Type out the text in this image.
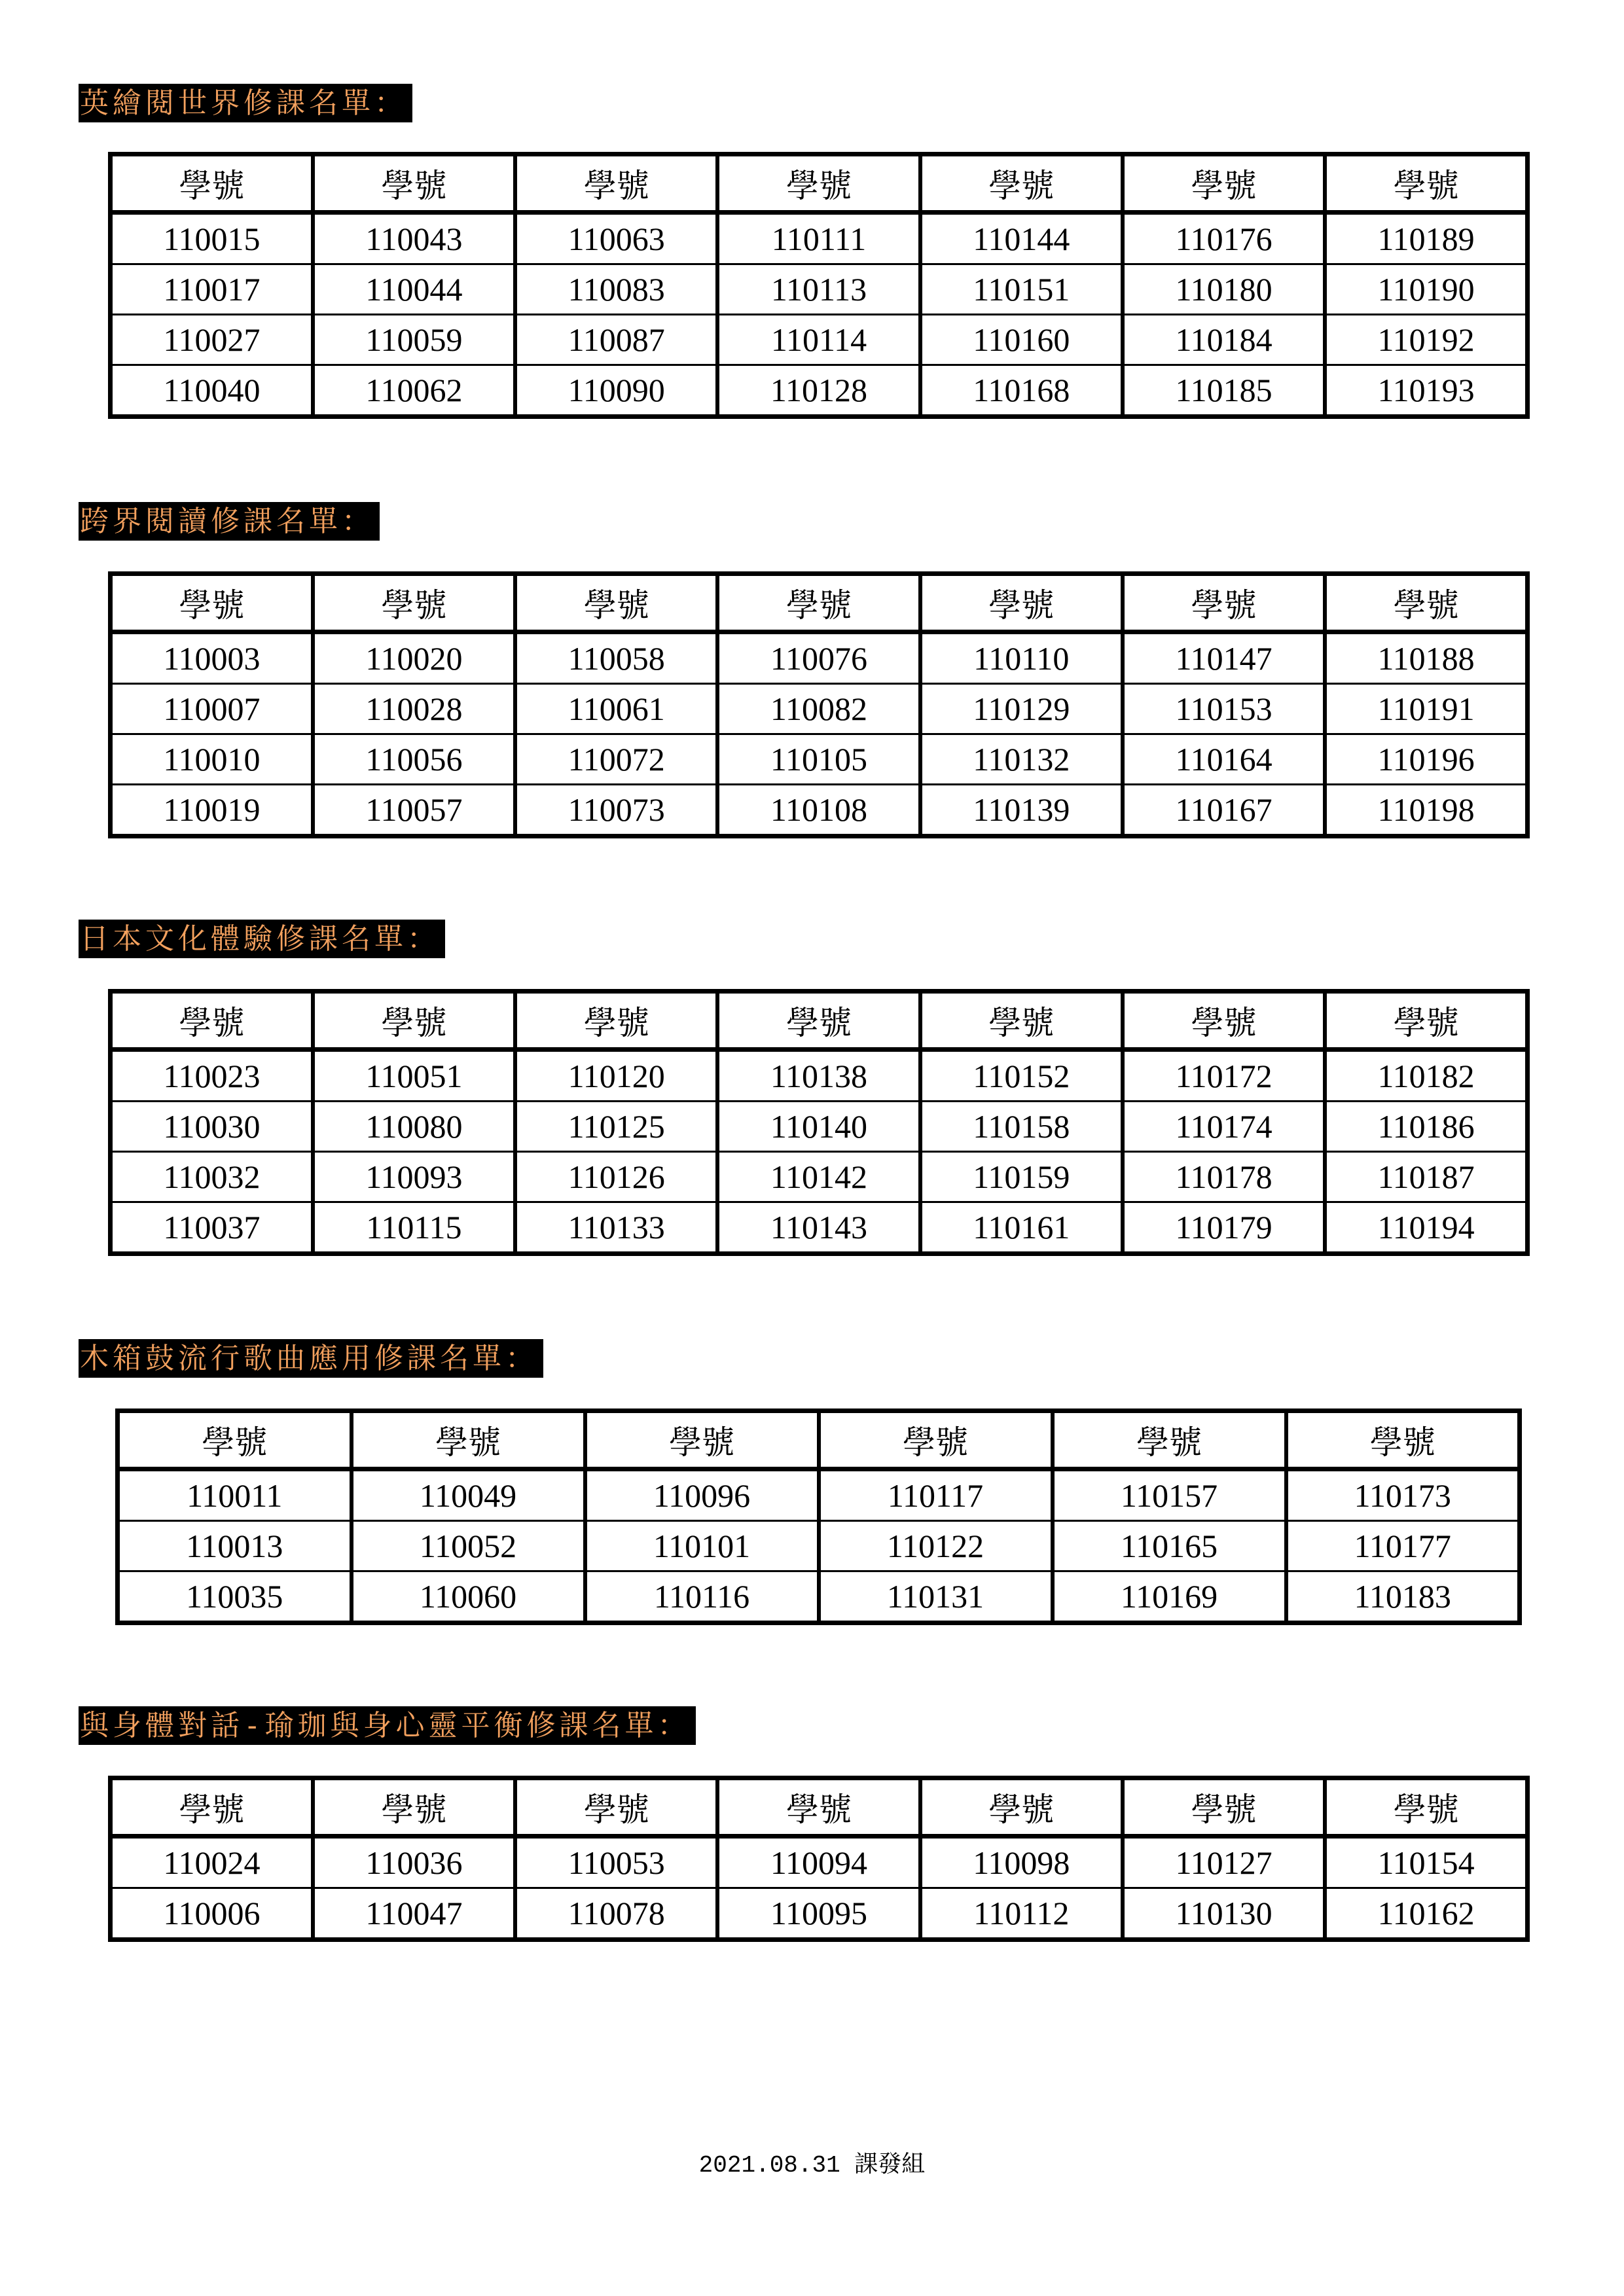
英繪閱世界修課名單：
學號	學號	學號	學號	學號	學號	學號
110015	110043	110063	110111	110144	110176	110189
110017	110044	110083	110113	110151	110180	110190
110027	110059	110087	110114	110160	110184	110192
110040	110062	110090	110128	110168	110185	110193
跨界閱讀修課名單：
學號	學號	學號	學號	學號	學號	學號
110003	110020	110058	110076	110110	110147	110188
110007	110028	110061	110082	110129	110153	110191
110010	110056	110072	110105	110132	110164	110196
110019	110057	110073	110108	110139	110167	110198
日本文化體驗修課名單：
學號	學號	學號	學號	學號	學號	學號
110023	110051	110120	110138	110152	110172	110182
110030	110080	110125	110140	110158	110174	110186
110032	110093	110126	110142	110159	110178	110187
110037	110115	110133	110143	110161	110179	110194
木箱鼓流行歌曲應用修課名單：
學號	學號	學號	學號	學號	學號
110011	110049	110096	110117	110157	110173
110013	110052	110101	110122	110165	110177
110035	110060	110116	110131	110169	110183
與身體對話-瑜珈與身心靈平衡修課名單：
學號	學號	學號	學號	學號	學號	學號
110024	110036	110053	110094	110098	110127	110154
110006	110047	110078	110095	110112	110130	110162
2021.08.31 課發組
